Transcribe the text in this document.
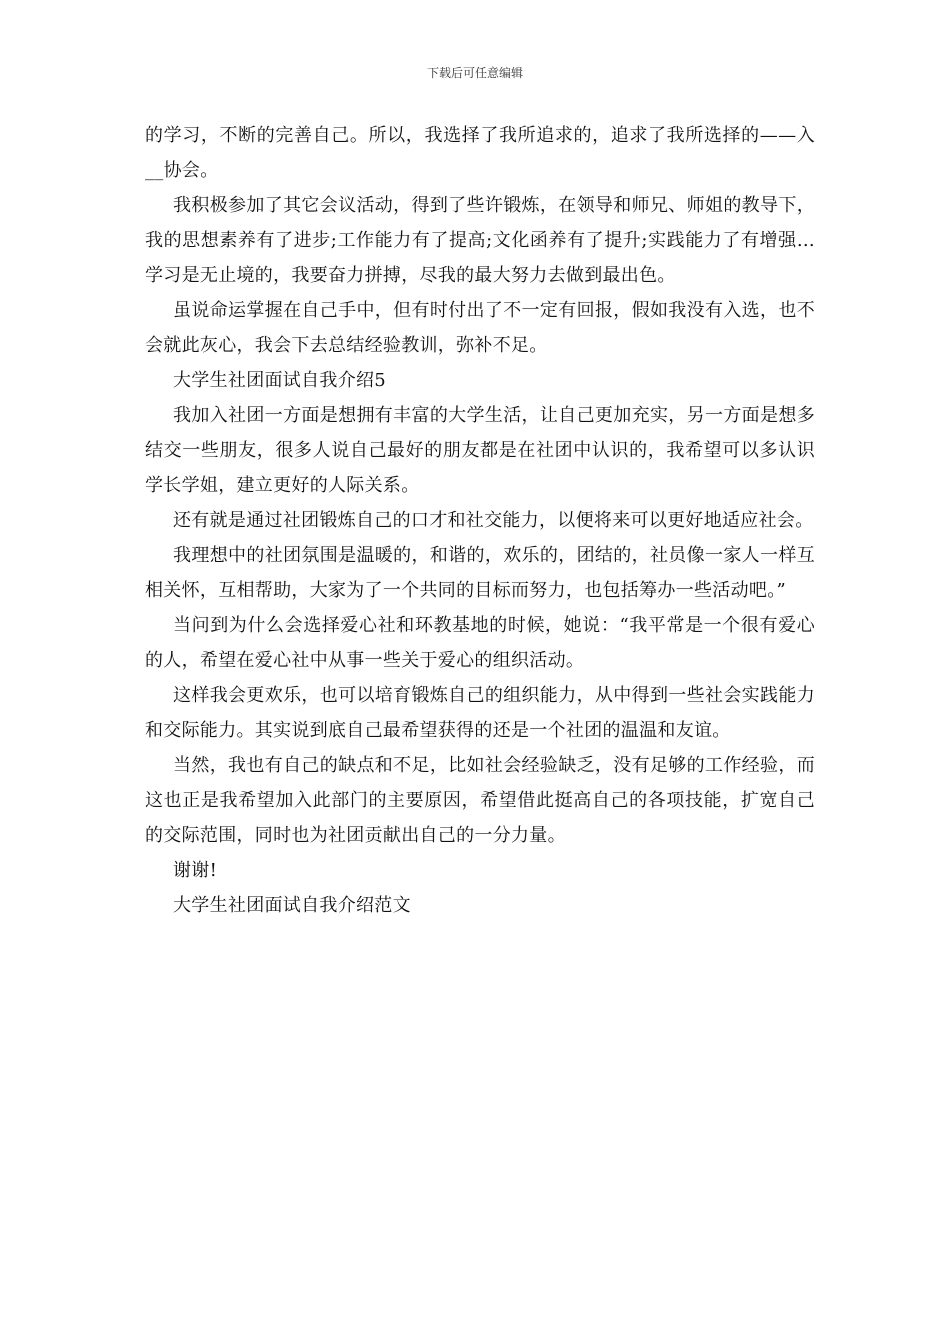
下载后可任意编辑

的学习，不断的完善自己。所以，我选择了我所追求的，追求了我所选择的——入__协会。

我积极参加了其它会议活动，得到了些许锻炼，在领导和师兄、师姐的教导下，我的思想素养有了进步;工作能力有了提高;文化函养有了提升;实践能力了有增强…学习是无止境的，我要奋力拼搏，尽我的最大努力去做到最出色。

虽说命运掌握在自己手中，但有时付出了不一定有回报，假如我没有入选，也不会就此灰心，我会下去总结经验教训，弥补不足。

大学生社团面试自我介绍5

我加入社团一方面是想拥有丰富的大学生活，让自己更加充实，另一方面是想多结交一些朋友，很多人说自己最好的朋友都是在社团中认识的，我希望可以多认识学长学姐，建立更好的人际关系。

还有就是通过社团锻炼自己的口才和社交能力，以便将来可以更好地适应社会。

我理想中的社团氛围是温暖的，和谐的，欢乐的，团结的，社员像一家人一样互相关怀，互相帮助，大家为了一个共同的目标而努力，也包括筹办一些活动吧。”

当问到为什么会选择爱心社和环教基地的时候，她说：“我平常是一个很有爱心的人，希望在爱心社中从事一些关于爱心的组织活动。

这样我会更欢乐，也可以培育锻炼自己的组织能力，从中得到一些社会实践能力和交际能力。其实说到底自己最希望获得的还是一个社团的温温和友谊。

当然，我也有自己的缺点和不足，比如社会经验缺乏，没有足够的工作经验，而这也正是我希望加入此部门的主要原因，希望借此挺高自己的各项技能，扩宽自己的交际范围，同时也为社团贡献出自己的一分力量。

谢谢!

大学生社团面试自我介绍范文
